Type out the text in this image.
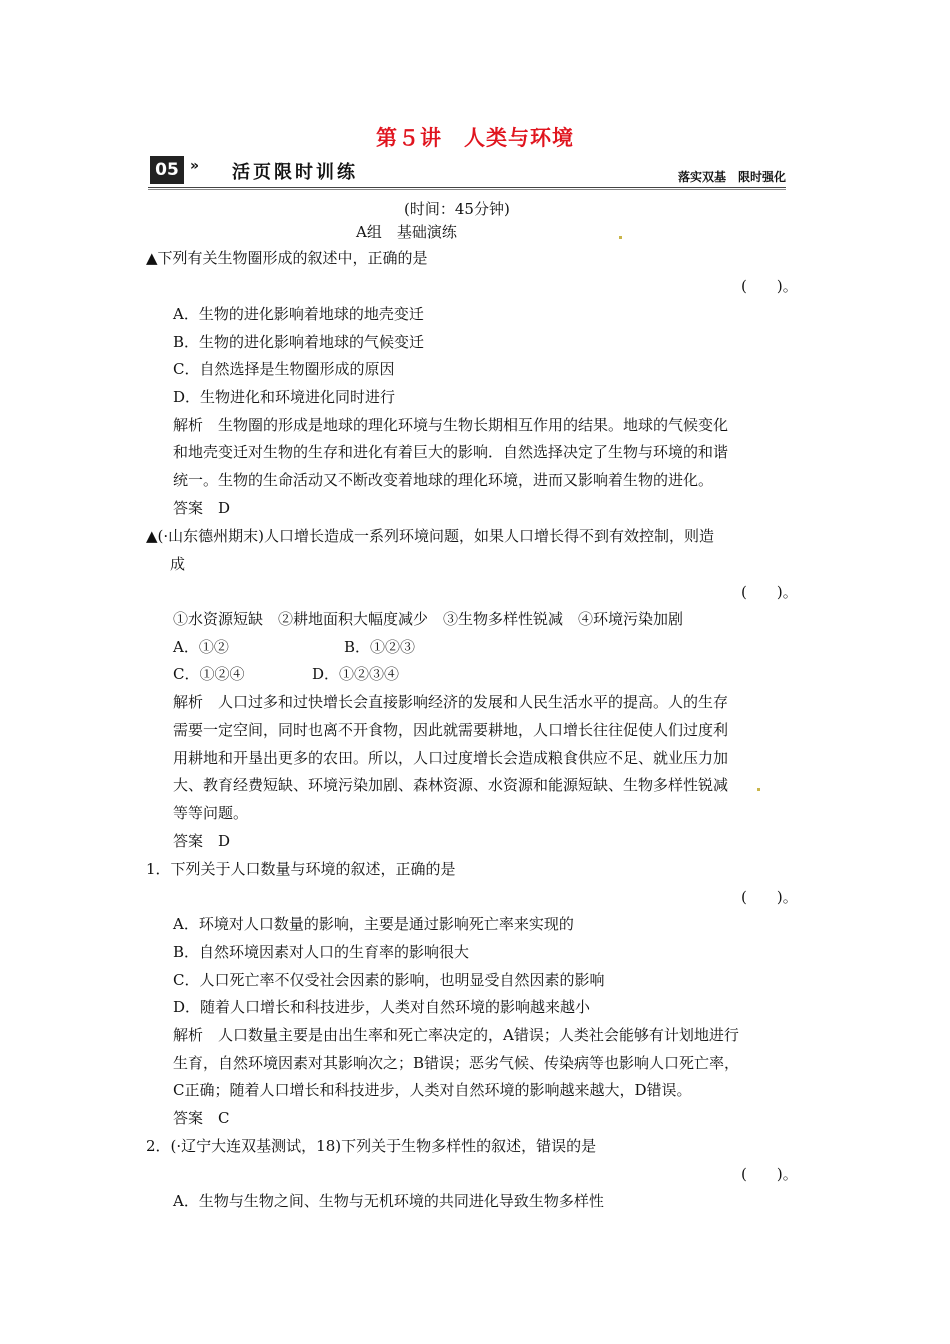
第５讲　人类与环境
05 » 活页限时训练	落实双基　限时强化
(时间：45分钟)
A组　基础演练
▲下列有关生物圈形成的叙述中，正确的是
(　　)。
A．生物的进化影响着地球的地壳变迁
B．生物的进化影响着地球的气候变迁
C．自然选择是生物圈形成的原因
D．生物进化和环境进化同时进行
解析　生物圈的形成是地球的理化环境与生物长期相互作用的结果。地球的气候变化
和地壳变迁对生物的生存和进化有着巨大的影响．自然选择决定了生物与环境的和谐
统一。生物的生命活动又不断改变着地球的理化环境，进而又影响着生物的进化。
答案　D
▲(·山东德州期末)人口增长造成一系列环境问题，如果人口增长得不到有效控制，则造
成
(　　)。
①水资源短缺　②耕地面积大幅度减少　③生物多样性锐减　④环境污染加剧
A．①②	B．①②③
C．①②④	D．①②③④
解析　人口过多和过快增长会直接影响经济的发展和人民生活水平的提高。人的生存
需要一定空间，同时也离不开食物，因此就需要耕地，人口增长往往促使人们过度利
用耕地和开垦出更多的农田。所以，人口过度增长会造成粮食供应不足、就业压力加
大、教育经费短缺、环境污染加剧、森林资源、水资源和能源短缺、生物多样性锐减
等等问题。
答案　D
1．下列关于人口数量与环境的叙述，正确的是
(　　)。
A．环境对人口数量的影响，主要是通过影响死亡率来实现的
B．自然环境因素对人口的生育率的影响很大
C．人口死亡率不仅受社会因素的影响，也明显受自然因素的影响
D．随着人口增长和科技进步，人类对自然环境的影响越来越小
解析　人口数量主要是由出生率和死亡率决定的，A错误；人类社会能够有计划地进行
生育，自然环境因素对其影响次之；B错误；恶劣气候、传染病等也影响人口死亡率，
C正确；随着人口增长和科技进步，人类对自然环境的影响越来越大，D错误。
答案　C
2．(·辽宁大连双基测试，18)下列关于生物多样性的叙述，错误的是
(　　)。
A．生物与生物之间、生物与无机环境的共同进化导致生物多样性
